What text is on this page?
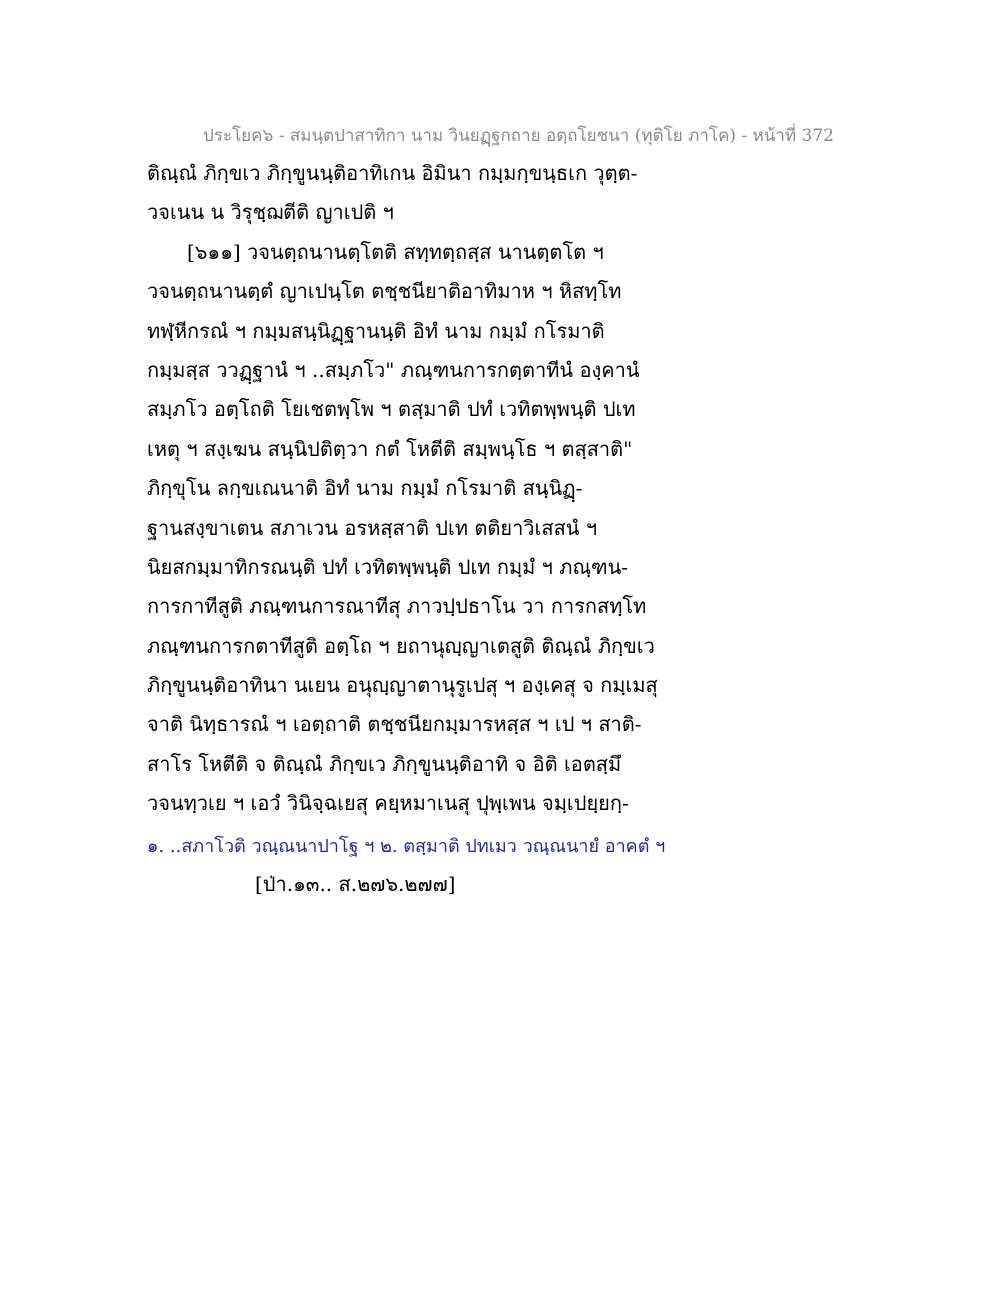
ประโยค๖ - สมนฺตปาสาทิกา นาม วินยฏฺฐกถาย อตฺถโยชนา (ทุติโย ภาโค) - หน้าที่ 372
ติณฺณํ ภิกฺขเว ภิกฺขูนนฺติอาทิเกน อิมินา กมฺมกฺขนฺธเก วุตฺต-
วจเนน น วิรุชฺฌตีติ ญาเปติ ฯ
[๖๑๑] วจนตฺถนานตฺโตติ สทฺทตฺถสฺส นานตฺตโต ฯ
วจนตฺถนานตฺตํ ญาเปนฺโต ตชฺชนียาติอาทิมาห ฯ หิสทฺโท
ทฬฺหีกรณํ ฯ กมฺมสนฺนิฏฺฐานนฺติ อิทํ นาม กมฺมํ กโรมาติ
กมฺมสฺส ววฏฺฐานํ ฯ ..สมฺภโว" ภณฺฑนการกตฺตาทีนํ องฺคานํ
สมฺภโว อตฺโถติ โยเชตพฺโพ ฯ ตสฺมาติ ปทํ เวทิตพฺพนฺติ ปเท
เหตุ ฯ สงฺเฆน สนฺนิปติตฺวา กตํ โหตีติ สมฺพนฺโธ ฯ ตสฺสาติ"
ภิกฺขุโน ลกฺขเณนาติ อิทํ นาม กมฺมํ กโรมาติ สนฺนิฏฺ-
ฐานสงฺขาเตน สภาเวน อรหสฺสาติ ปเท ตติยาวิเสสนํ ฯ
นิยสกมฺมาทิกรณนฺติ ปทํ เวทิตพฺพนฺติ ปเท กมฺมํ ฯ ภณฺฑน-
การกาทีสูติ ภณฺฑนการณาทีสุ ภาวปฺปธาโน วา การกสทฺโท
ภณฺฑนการกตาทีสูติ อตฺโถ ฯ ยถานุญฺญาเตสูติ ติณฺณํ ภิกฺขเว
ภิกฺขูนนฺติอาทินา นเยน อนุญฺญาตานุรูเปสุ ฯ องฺเคสุ จ กมฺเมสุ
จาติ นิทฺธารณํ ฯ เอตฺถาติ ตชฺชนียกมฺมารหสฺส ฯ เป ฯ สาติ-
สาโร โหตีติ จ ติณฺณํ ภิกฺขเว ภิกฺขูนนฺติอาทิ จ อิติ เอตสฺมึ
วจนทฺวเย ฯ เอวํ วินิจฺฉเยสุ คยฺหมาเนสุ ปุพฺเพน จมฺเปยฺยกฺ-
๑. ..สภาโวติ วณฺณนาปาโฐ ฯ ๒. ตสฺมาติ ปทเมว วณฺณนายํ อาคตํ ฯ
[ป่า.๑๓.. ส.๒๗๖.๒๗๗]
